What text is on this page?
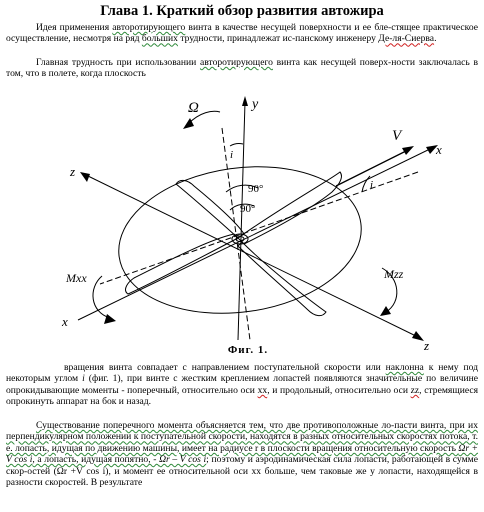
Глава 1. Краткий обзор развития автожира

Идея применения авторотирующего винта в качестве несущей поверхности и ее бле-стящее практическое осуществление, несмотря на ряд больших трудности, принадлежат ис-панскому инженеру Де-ля-Сиерва.

Главная трудность при использовании авторотирующего винта как несущей поверх-ности заключалась в том, что в полете, когда плоскость

Ω	y
x
z
V
i
i
90°
90°
Mxx	Mzz
x
z
Фиг. 1.

вращения винта совпадает с направлением поступательной скорости или наклонна к нему под некоторым углом i (фиг. 1), при винте с жестким креплением лопастей появляются значительные по величине опрокидывающие моменты - поперечный, относительно оси хх, и продольный, относительно оси zz, стремящиеся опрокинуть аппарат на бок и назад.

Существование поперечного момента объясняется тем, что две противоположные ло-пасти винта, при их перпендикулярном положении к поступательной скорости, находятся в разных относительных скоростях потока, т. е. лопасть, идущая по движению машины, имеет на радиусе r в плоскости вращения относительную скорость Ωr + V cos i, а лопасть, идущая попятно, - Ωr – V cos i; поэтому и аэродинамическая сила лопасти, работающей в сумме скор-остей (Ωr +V cos i), и момент ее относительной оси xx больше, чем таковые же у лопасти, находящейся в разности скоростей. В результате
